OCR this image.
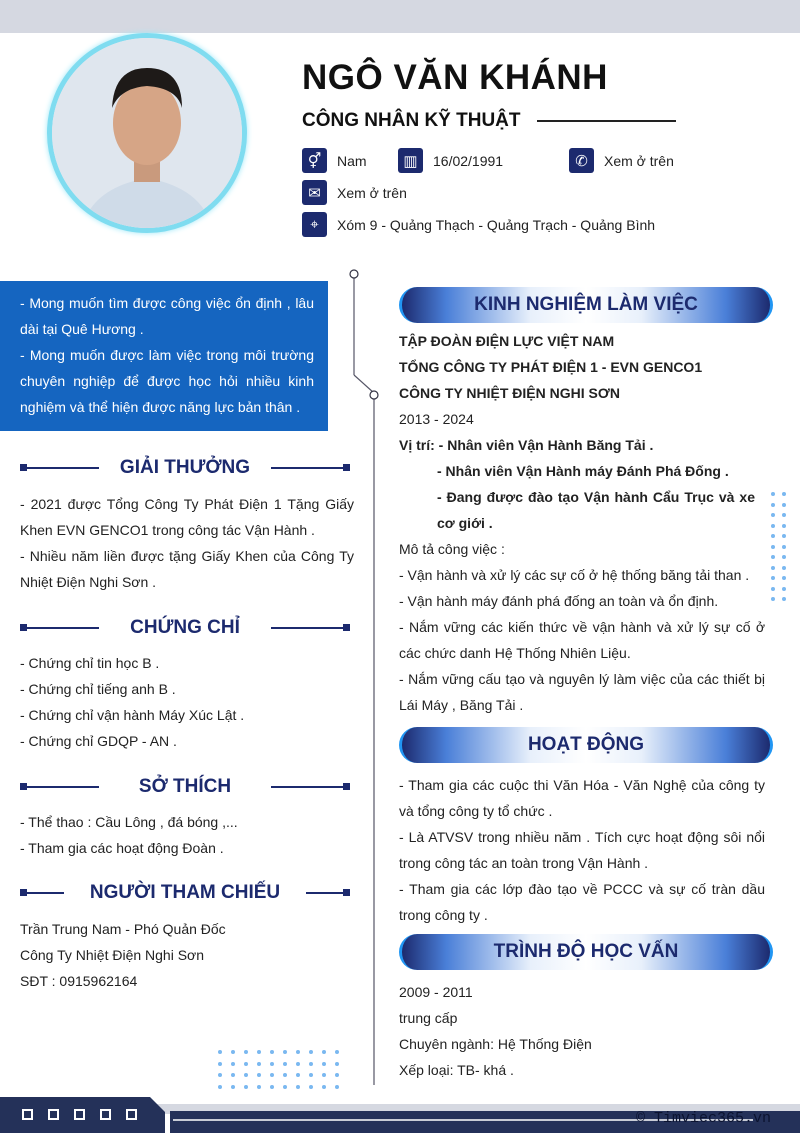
NGÔ VĂN KHÁNH
CÔNG NHÂN KỸ THUẬT
⚥	Nam	▥	16/02/1991	✆	Xem ở trên
✉	Xem ở trên
⌖	Xóm 9 - Quảng Thạch - Quảng Trạch - Quảng Bình
- Mong muốn tìm được công việc ổn định , lâu dài tại Quê Hương .
- Mong muốn được làm việc trong môi trường chuyên nghiệp để được học hỏi nhiều kinh nghiệm và thể hiện được năng lực bản thân .
GIẢI THƯỞNG
- 2021 được Tổng Công Ty Phát Điện 1 Tặng Giấy Khen EVN GENCO1 trong công tác Vận Hành .
- Nhiều năm liền được tặng Giấy Khen của Công Ty Nhiệt Điện Nghi Sơn .
CHỨNG CHỈ
- Chứng chỉ tin học B .
- Chứng chỉ tiếng anh B .
- Chứng chỉ vận hành Máy Xúc Lật .
- Chứng chỉ GDQP - AN .
SỞ THÍCH
- Thể thao : Cầu Lông , đá bóng ,...
- Tham gia các hoạt động Đoàn .
NGƯỜI THAM CHIẾU
Trần Trung Nam - Phó Quản Đốc
Công Ty Nhiệt Điện Nghi Sơn
SĐT : 0915962164
KINH NGHIỆM LÀM VIỆC
TẬP ĐOÀN ĐIỆN LỰC VIỆT NAM
TỔNG CÔNG TY PHÁT ĐIỆN 1 - EVN GENCO1
CÔNG TY NHIỆT ĐIỆN NGHI SƠN
2013 - 2024
Vị trí: - Nhân viên Vận Hành Băng Tải .
- Nhân viên Vận Hành máy Đánh Phá Đống .
- Đang được đào tạo Vận hành Cẩu Trục và xe cơ giới .
Mô tả công việc :
- Vận hành và xử lý các sự cố ở hệ thống băng tải than .
- Vận hành máy đánh phá đống an toàn và ổn định.
- Nắm vững các kiến thức về vận hành và xử lý sự cố ở các chức danh Hệ Thống Nhiên Liệu.
- Nắm vững cấu tạo và nguyên lý làm việc của các thiết bị Lái Máy , Băng Tải .
HOẠT ĐỘNG
- Tham gia các cuộc thi Văn Hóa - Văn Nghệ của công ty và tổng công ty tổ chức .
- Là ATVSV trong nhiều năm . Tích cực hoạt động sôi nổi trong công tác an toàn trong Vận Hành .
- Tham gia các lớp đào tạo về PCCC và sự cố tràn dầu trong công ty .
TRÌNH ĐỘ HỌC VẤN
2009 - 2011
trung cấp
Chuyên ngành: Hệ Thống Điện
Xếp loại: TB- khá .
© Timviec365.vn
